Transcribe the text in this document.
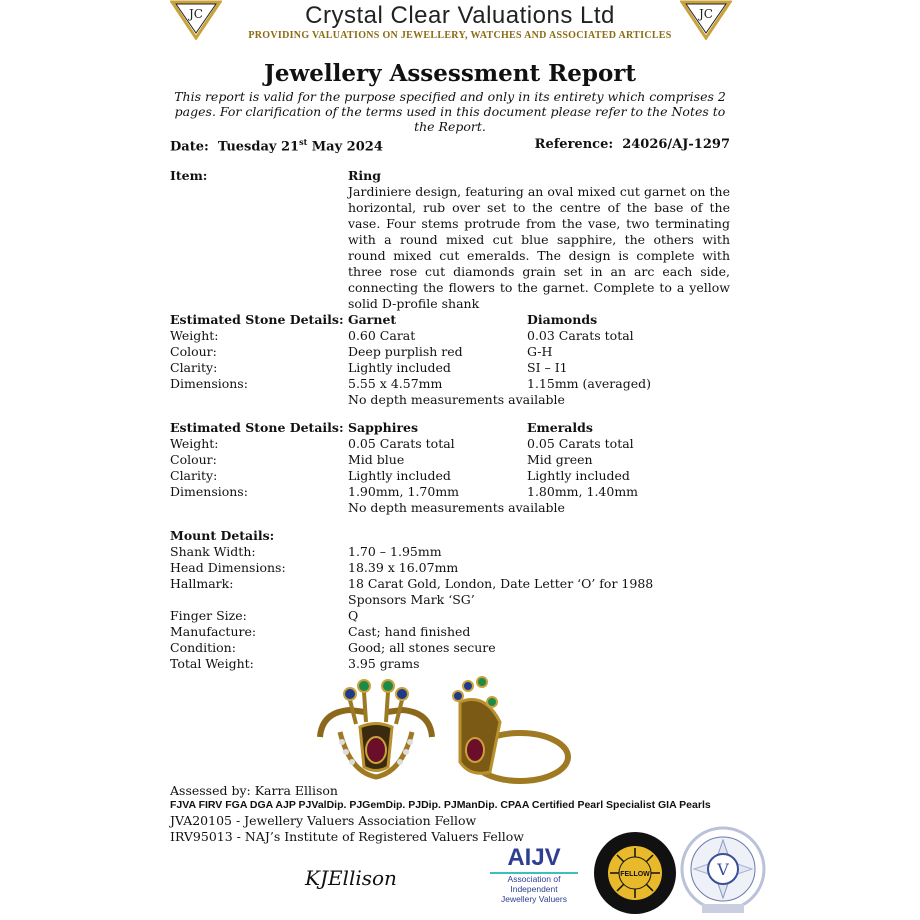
JC	JC
Crystal Clear Valuations Ltd
PROVIDING VALUATIONS ON JEWELLERY, WATCHES AND ASSOCIATED ARTICLES
Jewellery Assessment Report
This report is valid for the purpose specified and only in its entirety which comprises 2 pages. For clarification of the terms used in this document please refer to the Notes to the Report.
Date: Tuesday 21st May 2024	Reference: 24026/AJ-1297
Item:	Ring
Jardiniere design, featuring an oval mixed cut garnet on the horizontal, rub over set to the centre of the base of the vase. Four stems protrude from the vase, two terminating with a round mixed cut blue sapphire, the others with round mixed cut emeralds. The design is complete with three rose cut diamonds grain set in an arc each side, connecting the flowers to the garnet. Complete to a yellow solid D-profile shank
Estimated Stone Details: Garnet	Diamonds
Weight:	0.60 Carat	0.03 Carats total
Colour:	Deep purplish red	G-H
Clarity:	Lightly included	SI – I1
Dimensions:	5.55 x 4.57mm	1.15mm (averaged)
No depth measurements available
Estimated Stone Details: Sapphires	Emeralds
Weight:	0.05 Carats total	0.05 Carats total
Colour:	Mid blue	Mid green
Clarity:	Lightly included	Lightly included
Dimensions:	1.90mm, 1.70mm	1.80mm, 1.40mm
No depth measurements available
Mount Details:
Shank Width:	1.70 – 1.95mm
Head Dimensions:	18.39 x 16.07mm
Hallmark:	18 Carat Gold, London, Date Letter ‘O’ for 1988
Sponsors Mark ‘SG’
Finger Size:	Q
Manufacture:	Cast; hand finished
Condition:	Good; all stones secure
Total Weight:	3.95 grams
Assessed by: Karra Ellison
FJVA FIRV FGA DGA AJP PJValDip. PJGemDip. PJDip. PJManDip. CPAA Certified Pearl Specialist GIA Pearls
JVA20105 - Jewellery Valuers Association Fellow
IRV95013 - NAJ’s Institute of Registered Valuers Fellow
KJEllison
AIJV
Association of
Independent
Jewellery Valuers
FELLOW	V
